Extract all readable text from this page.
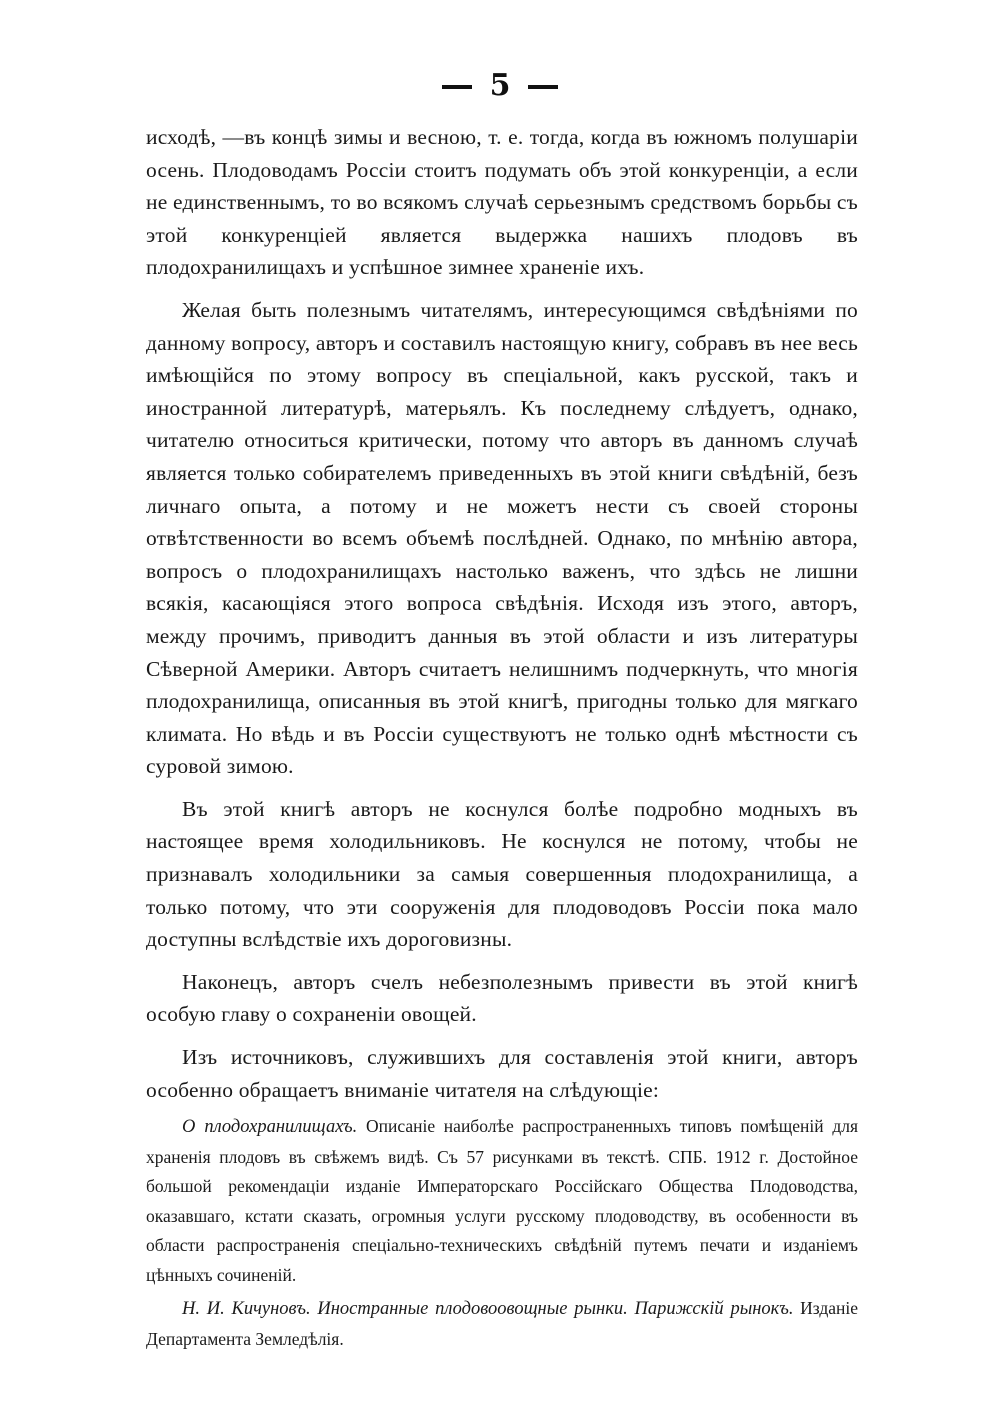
5

исходѣ, —въ концѣ зимы и весною, т. е. тогда, когда въ южномъ полушаріи осень. Плодоводамъ Россіи стоитъ подумать объ этой конкуренціи, а если не единственнымъ, то во всякомъ случаѣ серьезнымъ средствомъ борьбы съ этой конкуренціей является выдержка нашихъ плодовъ въ плодохранилищахъ и успѣшное зимнее храненіе ихъ.

Желая быть полезнымъ читателямъ, интересующимся свѣдѣніями по данному вопросу, авторъ и составилъ настоящую книгу, собравъ въ нее весь имѣющійся по этому вопросу въ спеціальной, какъ русской, такъ и иностранной литературѣ, матерьялъ. Къ последнему слѣдуетъ, однако, читателю относиться критически, потому что авторъ въ данномъ случаѣ является только собирателемъ приведенныхъ въ этой книги свѣдѣній, безъ личнаго опыта, а потому и не можетъ нести съ своей стороны отвѣтственности во всемъ объемѣ послѣдней. Однако, по мнѣнію автора, вопросъ о плодохранилищахъ настолько важенъ, что здѣсь не лишни всякія, касающіяся этого вопроса свѣдѣнія. Исходя изъ этого, авторъ, между прочимъ, приводитъ данныя въ этой области и изъ литературы Сѣверной Америки. Авторъ считаетъ нелишнимъ подчеркнуть, что многія плодохранилища, описанныя въ этой книгѣ, пригодны только для мягкаго климата. Но вѣдь и въ Россіи существуютъ не только однѣ мѣстности съ суровой зимою.

Въ этой книгѣ авторъ не коснулся болѣе подробно модныхъ въ настоящее время холодильниковъ. Не коснулся не потому, чтобы не признавалъ холодильники за самыя совершенныя плодохранилища, а только потому, что эти сооруженія для плодоводовъ Россіи пока мало доступны вслѣдствіе ихъ дороговизны.

Наконецъ, авторъ счелъ небезполезнымъ привести въ этой книгѣ особую главу о сохраненіи овощей.

Изъ источниковъ, служившихъ для составленія этой книги, авторъ особенно обращаетъ вниманіе читателя на слѣдующіе:

О плодохранилищахъ. Описаніе наиболѣе распространенныхъ типовъ помѣщеній для храненія плодовъ въ свѣжемъ видѣ. Съ 57 рисунками въ текстѣ. СПБ. 1912 г. Достойное большой рекомендаціи изданіе Императорскаго Россійскаго Общества Плодоводства, оказавшаго, кстати сказать, огромныя услуги русскому плодоводству, въ особенности въ области распространенія спеціально-техническихъ свѣдѣній путемъ печати и изданіемъ цѣнныхъ сочиненій.

Н. И. Кичуновъ. Иностранные плодовоовощные рынки. Парижскій рынокъ. Изданіе Департамента Земледѣлія.
